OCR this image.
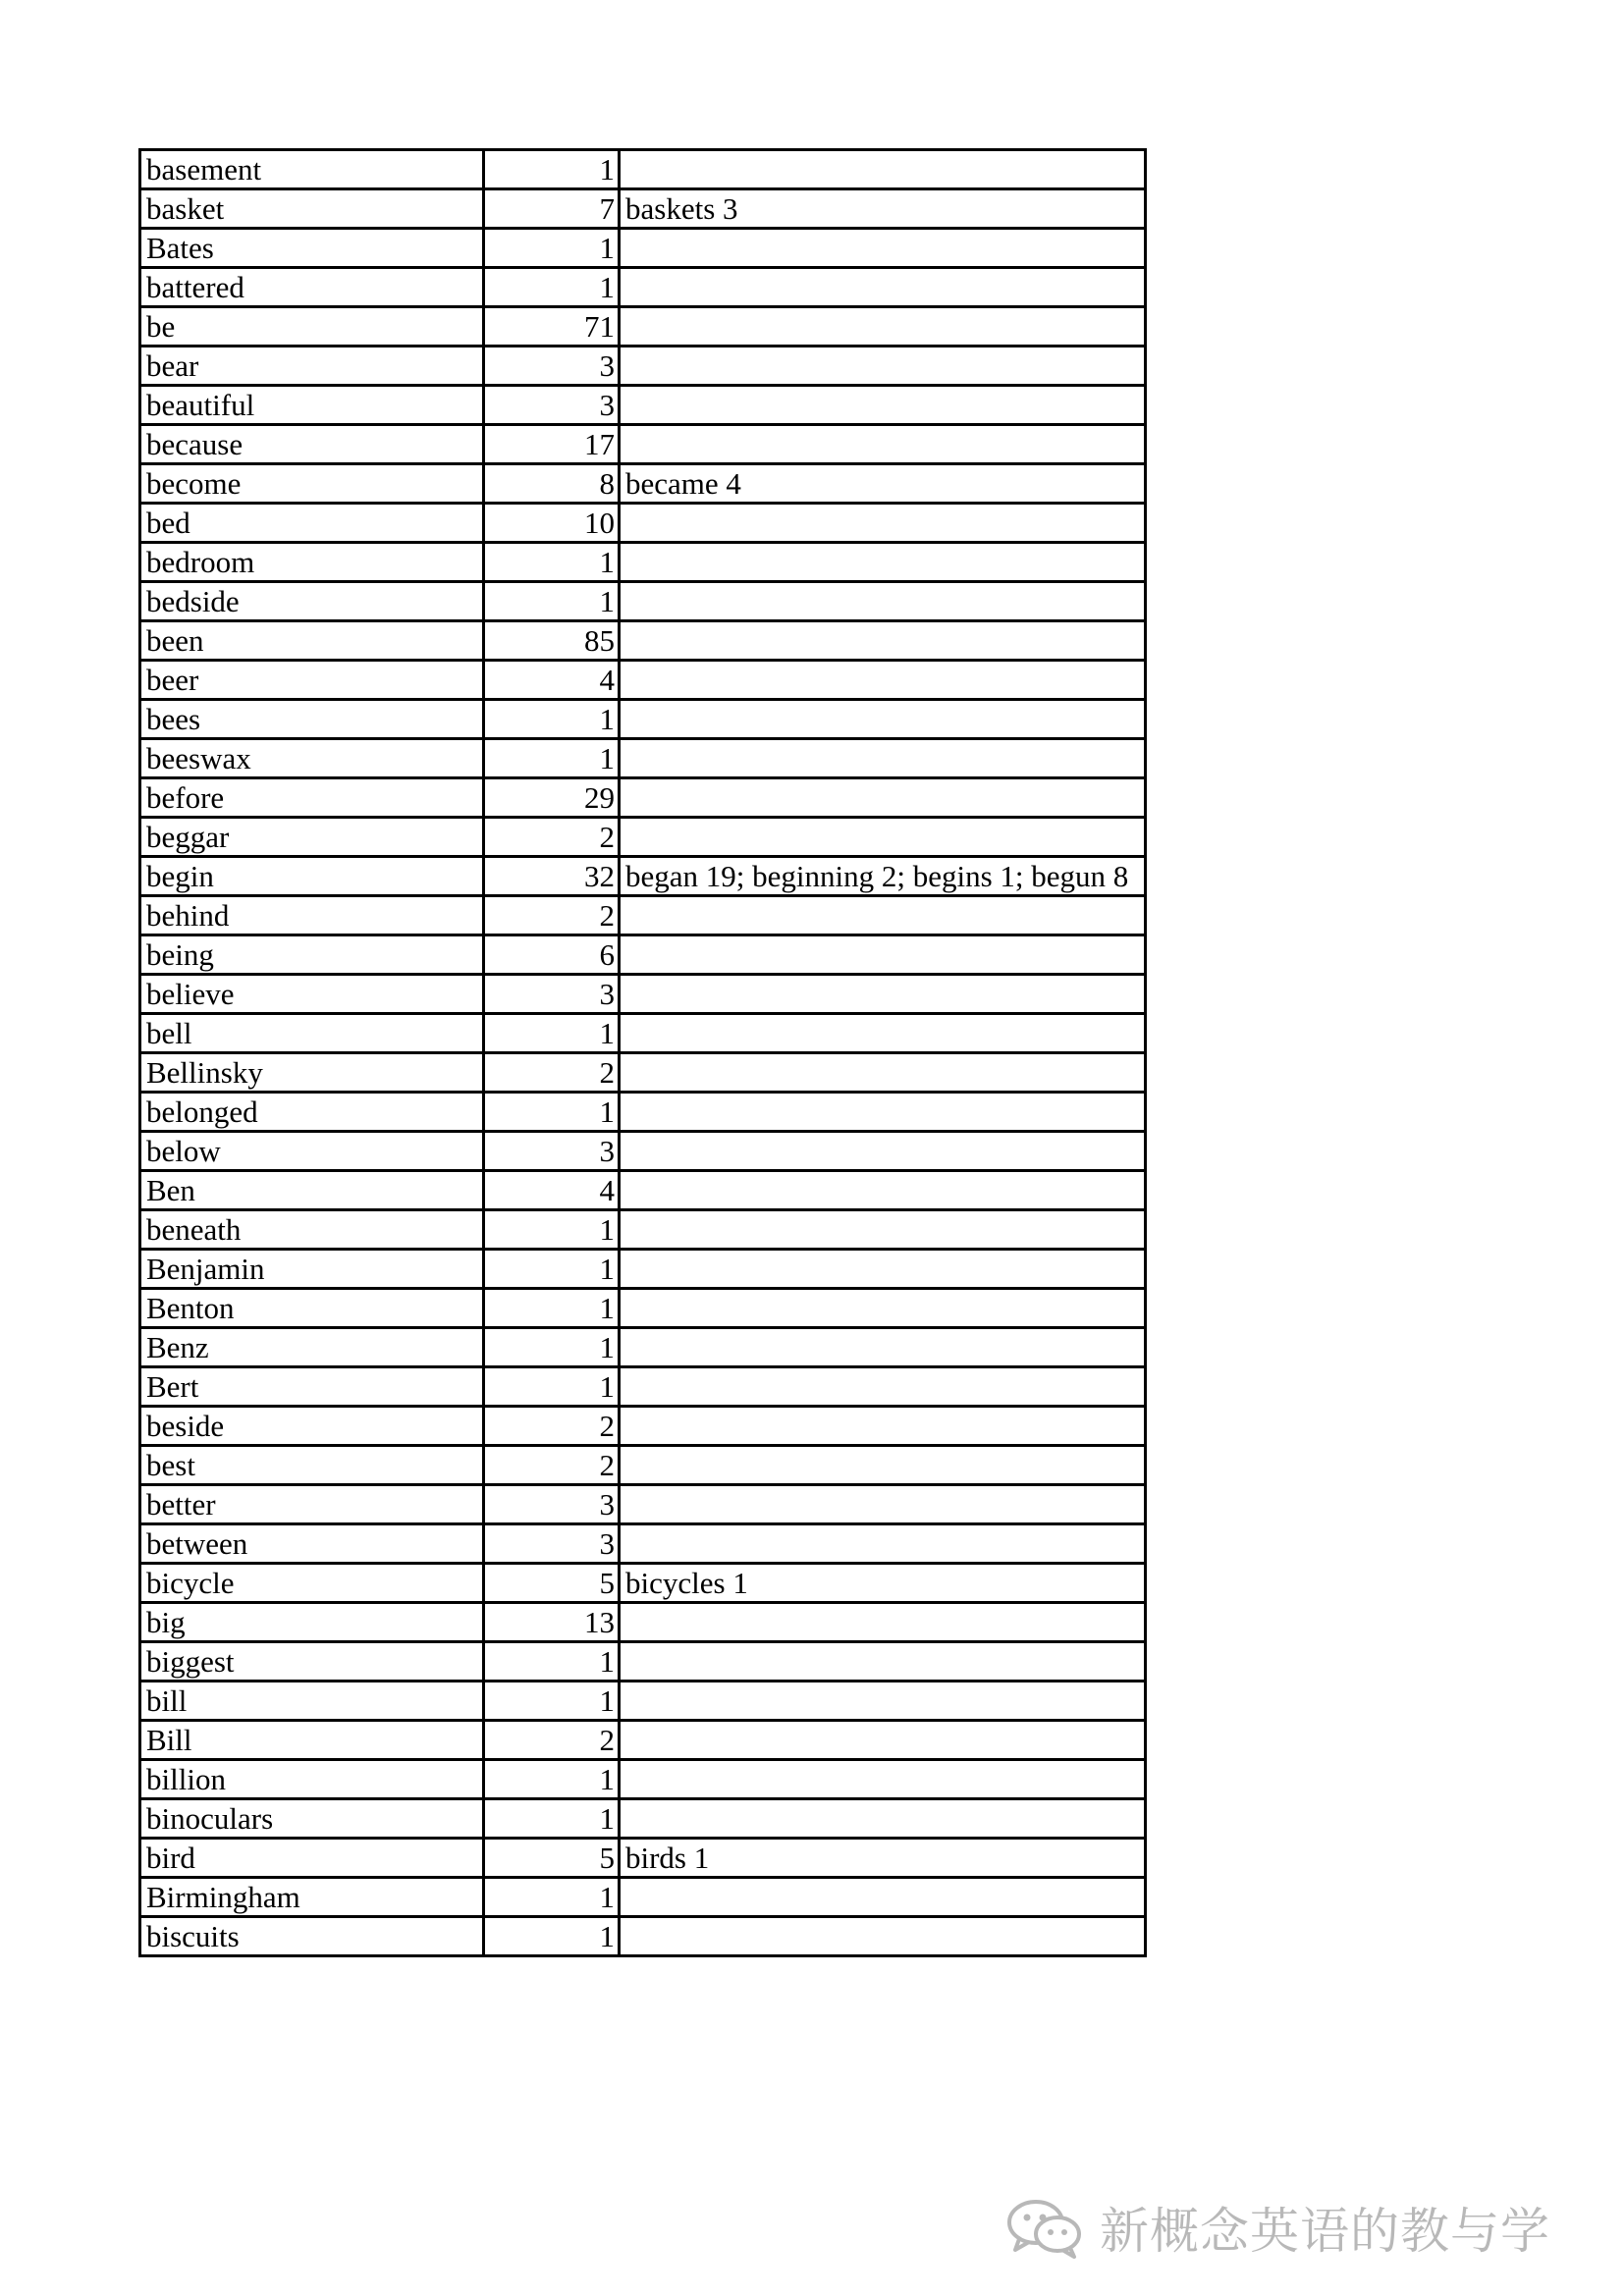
basement	1	
basket	7	baskets 3
Bates	1	
battered	1	
be	71	
bear	3	
beautiful	3	
because	17	
become	8	became 4
bed	10	
bedroom	1	
bedside	1	
been	85	
beer	4	
bees	1	
beeswax	1	
before	29	
beggar	2	
begin	32	began 19; beginning 2; begins 1; begun 8
behind	2	
being	6	
believe	3	
bell	1	
Bellinsky	2	
belonged	1	
below	3	
Ben	4	
beneath	1	
Benjamin	1	
Benton	1	
Benz	1	
Bert	1	
beside	2	
best	2	
better	3	
between	3	
bicycle	5	bicycles 1
big	13	
biggest	1	
bill	1	
Bill	2	
billion	1	
binoculars	1	
bird	5	birds 1
Birmingham	1	
biscuits	1	
新概念英语的教与学
